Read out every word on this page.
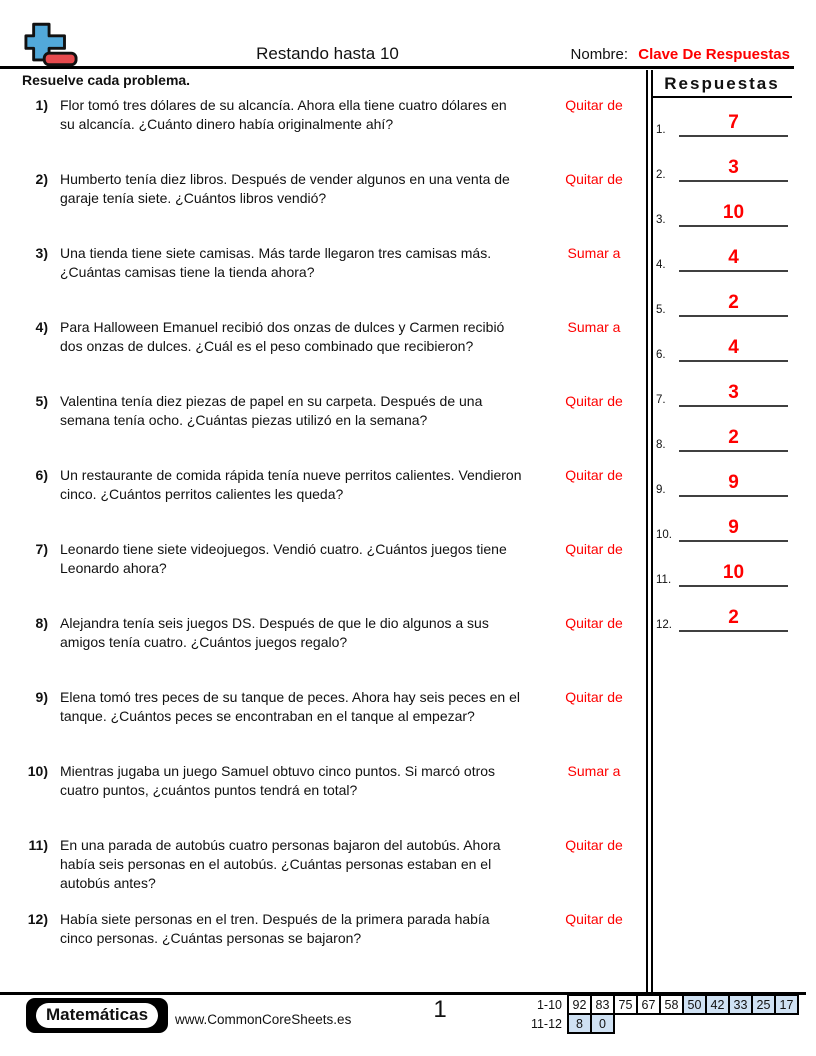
Restando hasta 10	Nombre: Clave De Respuestas
Resuelve cada problema.
1) Flor tomó tres dólares de su alcancía. Ahora ella tiene cuatro dólares en su alcancía. ¿Cuánto dinero había originalmente ahí?
Quitar de
2) Humberto tenía diez libros. Después de vender algunos en una venta de garaje tenía siete. ¿Cuántos libros vendió?
Quitar de
3) Una tienda tiene siete camisas. Más tarde llegaron tres camisas más. ¿Cuántas camisas tiene la tienda ahora?
Sumar a
4) Para Halloween Emanuel recibió dos onzas de dulces y Carmen recibió dos onzas de dulces. ¿Cuál es el peso combinado que recibieron?
Sumar a
5) Valentina tenía diez piezas de papel en su carpeta. Después de una semana tenía ocho. ¿Cuántas piezas utilizó en la semana?
Quitar de
6) Un restaurante de comida rápida tenía nueve perritos calientes. Vendieron cinco. ¿Cuántos perritos calientes les queda?
Quitar de
7) Leonardo tiene siete videojuegos. Vendió cuatro. ¿Cuántos juegos tiene Leonardo ahora?
Quitar de
8) Alejandra tenía seis juegos DS. Después de que le dio algunos a sus amigos tenía cuatro. ¿Cuántos juegos regalo?
Quitar de
9) Elena tomó tres peces de su tanque de peces. Ahora hay seis peces en el tanque. ¿Cuántos peces se encontraban en el tanque al empezar?
Quitar de
10) Mientras jugaba un juego Samuel obtuvo cinco puntos. Si marcó otros cuatro puntos, ¿cuántos puntos tendrá en total?
Sumar a
11) En una parada de autobús cuatro personas bajaron del autobús. Ahora había seis personas en el autobús. ¿Cuántas personas estaban en el autobús antes?
Quitar de
12) Había siete personas en el tren. Después de la primera parada había cinco personas. ¿Cuántas personas se bajaron?
Quitar de
Respuestas
1.	7
2.	3
3.	10
4.	4
5.	2
6.	4
7.	3
8.	2
9.	9
10.	9
11.	10
12.	2
Matemáticas	www.CommonCoreSheets.es	1	1-10	92	83	75	67	58	50	42	33	25	17
11-12	8	0								
